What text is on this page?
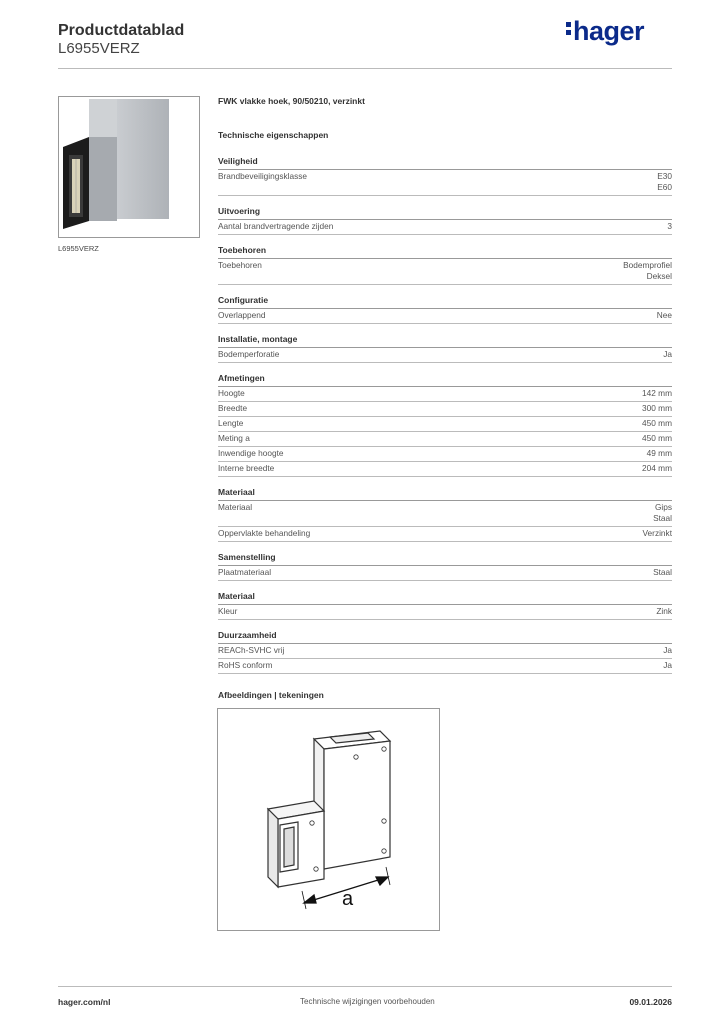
Productdatablad
L6955VERZ
hager
L6955VERZ
FWK vlakke hoek, 90/50210, verzinkt
Technische eigenschappen
Veiligheid
Brandbeveiligingsklasse	E30
E60
Uitvoering
Aantal brandvertragende zijden	3
Toebehoren
Toebehoren	Bodemprofiel
Deksel
Configuratie
Overlappend	Nee
Installatie, montage
Bodemperforatie	Ja
Afmetingen
Hoogte	142 mm
Breedte	300 mm
Lengte	450 mm
Meting a	450 mm
Inwendige hoogte	49 mm
Interne breedte	204 mm
Materiaal
Materiaal	Gips
Staal
Oppervlakte behandeling	Verzinkt
Samenstelling
Plaatmateriaal	Staal
Materiaal
Kleur	Zink
Duurzaamheid
REACh-SVHC vrij	Ja
RoHS conform	Ja
Afbeeldingen | tekeningen
a
hager.com/nl	Technische wijzigingen voorbehouden	09.01.2026
